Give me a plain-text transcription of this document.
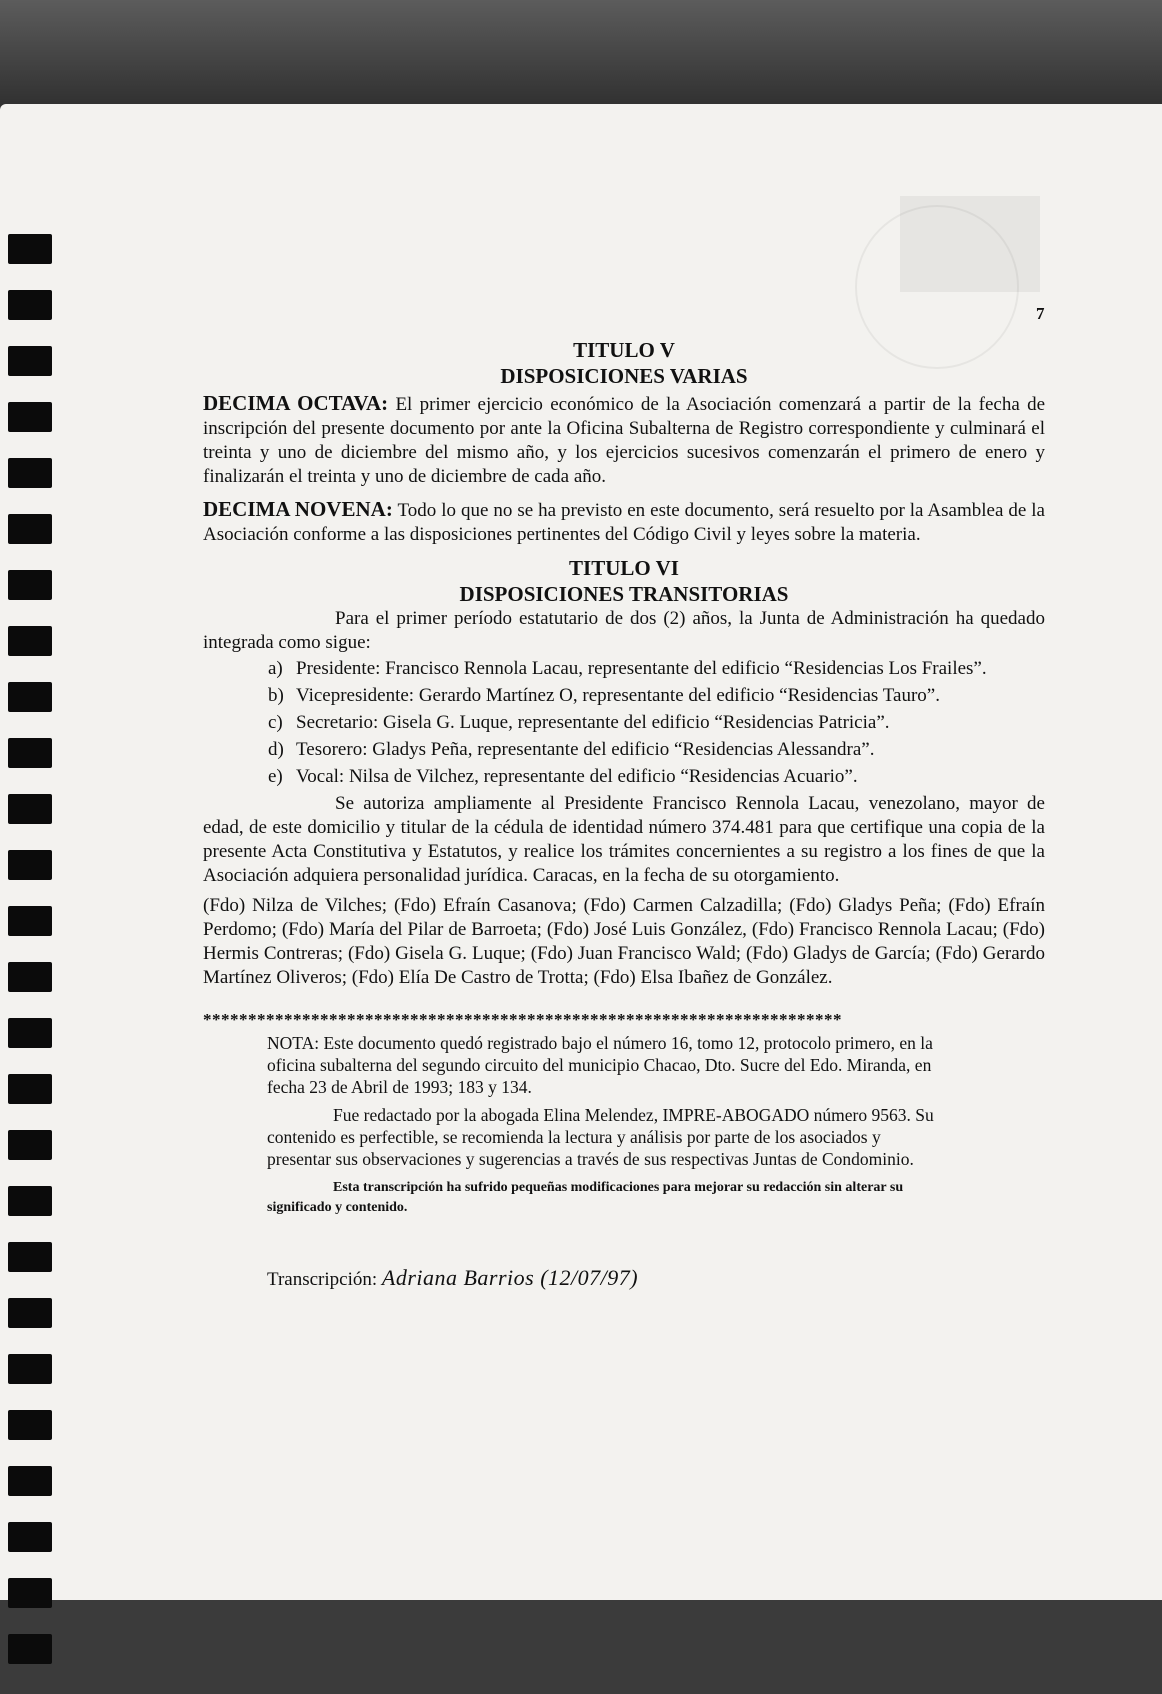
7
TITULO V
DISPOSICIONES VARIAS

DECIMA OCTAVA: El primer ejercicio económico de la Asociación comenzará a partir de la fecha de inscripción del presente documento por ante la Oficina Subalterna de Registro correspondiente y culminará el treinta y uno de diciembre del mismo año, y los ejercicios sucesivos comenzarán el primero de enero y finalizarán el treinta y uno de diciembre de cada año.

DECIMA NOVENA: Todo lo que no se ha previsto en este documento, será resuelto por la Asamblea de la Asociación conforme a las disposiciones pertinentes del Código Civil y leyes sobre la materia.

TITULO VI
DISPOSICIONES TRANSITORIAS

Para el primer período estatutario de dos (2) años, la Junta de Administración ha quedado integrada como sigue:

a) Presidente: Francisco Rennola Lacau, representante del edificio “Residencias Los Frailes”.
b) Vicepresidente: Gerardo Martínez O, representante del edificio “Residencias Tauro”.
c) Secretario: Gisela G. Luque, representante del edificio “Residencias Patricia”.
d) Tesorero: Gladys Peña, representante del edificio “Residencias Alessandra”.
e) Vocal: Nilsa de Vilchez, representante del edificio “Residencias Acuario”.

Se autoriza ampliamente al Presidente Francisco Rennola Lacau, venezolano, mayor de edad, de este domicilio y titular de la cédula de identidad número 374.481 para que certifique una copia de la presente Acta Constitutiva y Estatutos, y realice los trámites concernientes a su registro a los fines de que la Asociación adquiera personalidad jurídica. Caracas, en la fecha de su otorgamiento.

(Fdo) Nilza de Vilches; (Fdo) Efraín Casanova; (Fdo) Carmen Calzadilla; (Fdo) Gladys Peña; (Fdo) Efraín Perdomo; (Fdo) María del Pilar de Barroeta; (Fdo) José Luis González, (Fdo) Francisco Rennola Lacau; (Fdo) Hermis Contreras; (Fdo) Gisela G. Luque; (Fdo) Juan Francisco Wald; (Fdo) Gladys de García; (Fdo) Gerardo Martínez Oliveros; (Fdo) Elía De Castro de Trotta; (Fdo) Elsa Ibañez de González.

***********************************************************************

NOTA: Este documento quedó registrado bajo el número 16, tomo 12, protocolo primero, en la oficina subalterna del segundo circuito del municipio Chacao, Dto. Sucre del Edo. Miranda, en fecha 23 de Abril de 1993; 183 y 134.

Fue redactado por la abogada Elina Melendez, IMPRE-ABOGADO número 9563. Su contenido es perfectible, se recomienda la lectura y análisis por parte de los asociados y presentar sus observaciones y sugerencias a través de sus respectivas Juntas de Condominio.

Esta transcripción ha sufrido pequeñas modificaciones para mejorar su redacción sin alterar su significado y contenido.

Transcripción: Adriana Barrios (12/07/97)
